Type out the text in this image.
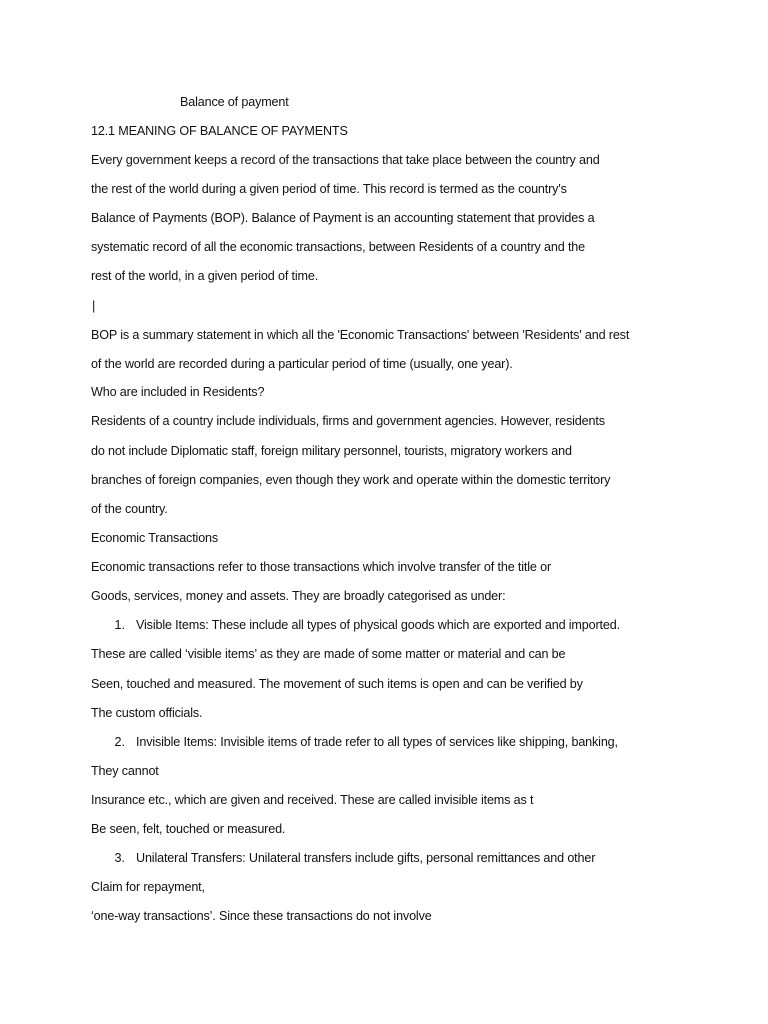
Balance of payment
12.1 MEANING OF BALANCE OF PAYMENTS
Every government keeps a record of the transactions that take place between the country and
the rest of the world during a given period of time. This record is termed as the country's
Balance of Payments (BOP). Balance of Payment is an accounting statement that provides a
systematic record of all the economic transactions, between Residents of a country and the
rest of the world, in a given period of time.
|
BOP is a summary statement in which all the 'Economic Transactions' between 'Residents' and rest
of the world are recorded during a particular period of time (usually, one year).
Who are included in Residents?
Residents of a country include individuals, firms and government agencies. However, residents
do not include Diplomatic staff, foreign military personnel, tourists, migratory workers and
branches of foreign companies, even though they work and operate within the domestic territory
of the country.
Economic Transactions
Economic transactions refer to those transactions which involve transfer of the title or
Goods, services, money and assets. They are broadly categorised as under:
1. Visible Items: These include all types of physical goods which are exported and imported.
These are called ‘visible items’ as they are made of some matter or material and can be
Seen, touched and measured. The movement of such items is open and can be verified by
The custom officials.
2. Invisible Items: Invisible items of trade refer to all types of services like shipping, banking,
They cannot
Insurance etc., which are given and received. These are called invisible items as t
Be seen, felt, touched or measured.
3. Unilateral Transfers: Unilateral transfers include gifts, personal remittances and other
Claim for repayment,
‘one-way transactions’. Since these transactions do not involve
